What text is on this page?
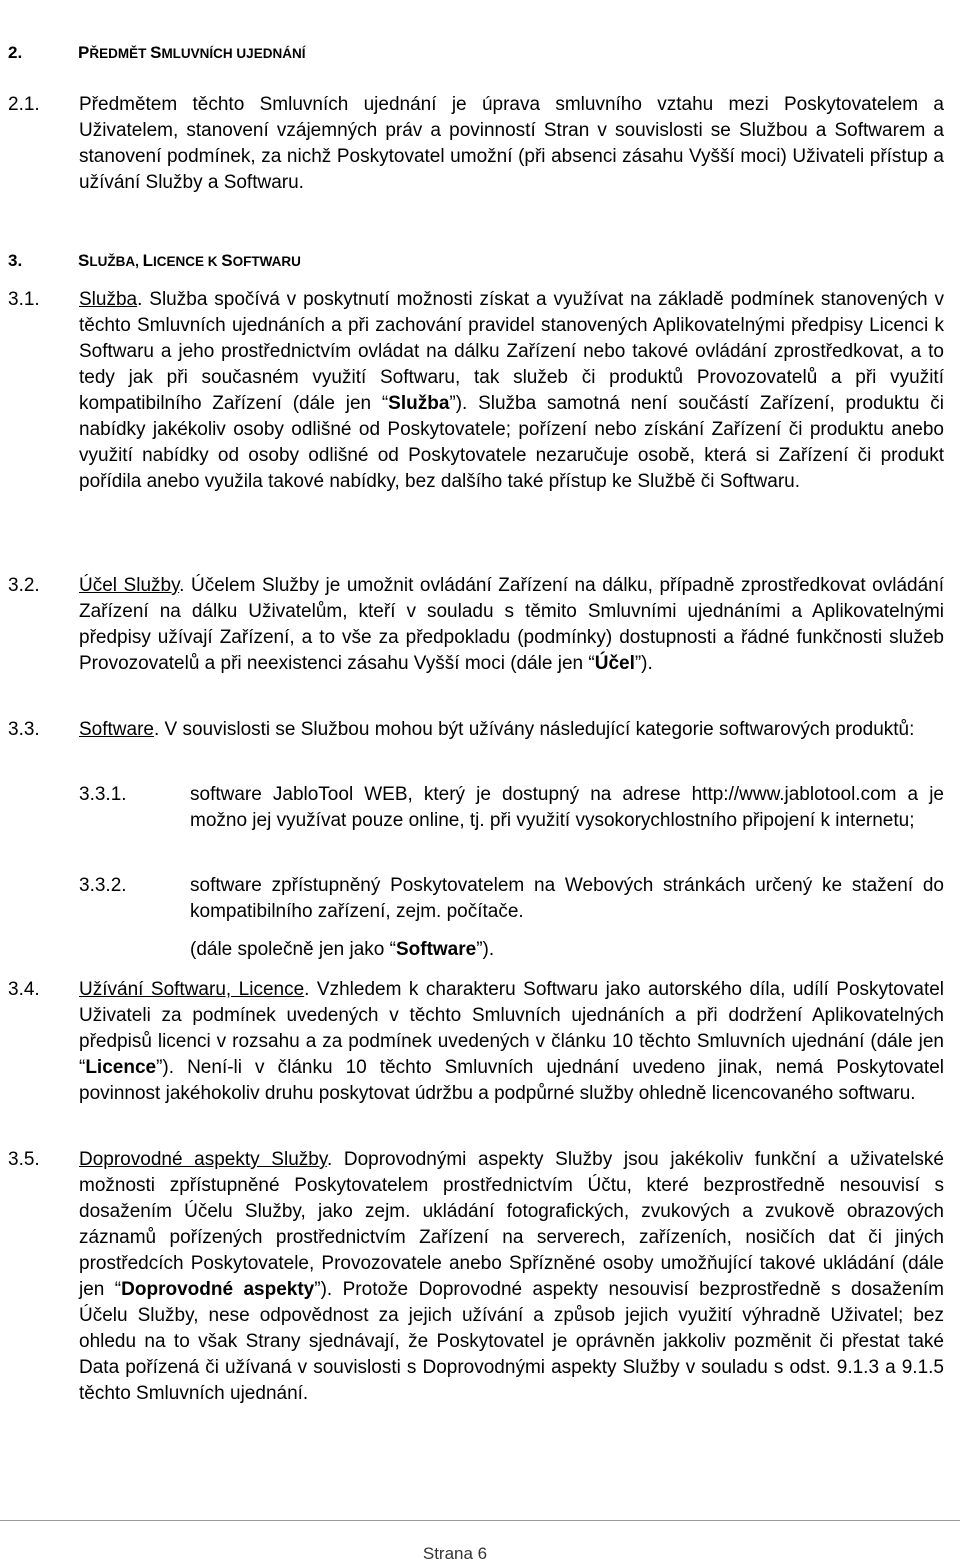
2.	PŘEDMĚT SMLUVNÍCH UJEDNÁNÍ
2.1. Předmětem těchto Smluvních ujednání je úprava smluvního vztahu mezi Poskytovatelem a Uživatelem, stanovení vzájemných práv a povinností Stran v souvislosti se Službou a Softwarem a stanovení podmínek, za nichž Poskytovatel umožní (při absenci zásahu Vyšší moci) Uživateli přístup a užívání Služby a Softwaru.

3.	SLUŽBA, LICENCE K SOFTWARU
3.1. Služba. Služba spočívá v poskytnutí možnosti získat a využívat na základě podmínek stanovených v těchto Smluvních ujednáních a při zachování pravidel stanovených Aplikovatelnými předpisy Licenci k Softwaru a jeho prostřednictvím ovládat na dálku Zařízení nebo takové ovládání zprostředkovat, a to tedy jak při současném využití Softwaru, tak služeb či produktů Provozovatelů a při využití kompatibilního Zařízení (dále jen “Služba”). Služba samotná není součástí Zařízení, produktu či nabídky jakékoliv osoby odlišné od Poskytovatele; pořízení nebo získání Zařízení či produktu anebo využití nabídky od osoby odlišné od Poskytovatele nezaručuje osobě, která si Zařízení či produkt pořídila anebo využila takové nabídky, bez dalšího také přístup ke Službě či Softwaru.

3.2. Účel Služby. Účelem Služby je umožnit ovládání Zařízení na dálku, případně zprostředkovat ovládání Zařízení na dálku Uživatelům, kteří v souladu s těmito Smluvními ujednáními a Aplikovatelnými předpisy užívají Zařízení, a to vše za předpokladu (podmínky) dostupnosti a řádné funkčnosti služeb Provozovatelů a při neexistenci zásahu Vyšší moci (dále jen “Účel”).

3.3. Software. V souvislosti se Službou mohou být užívány následující kategorie softwarových produktů:

3.3.1.	software JabloTool WEB, který je dostupný na adrese http://www.jablotool.com a je možno jej využívat pouze online, tj. při využití vysokorychlostního připojení k internetu;
3.3.2.	software zpřístupněný Poskytovatelem na Webových stránkách určený ke stažení do kompatibilního zařízení, zejm. počítače.
(dále společně jen jako “Software”).
3.4. Užívání Softwaru, Licence. Vzhledem k charakteru Softwaru jako autorského díla, udílí Poskytovatel Uživateli za podmínek uvedených v těchto Smluvních ujednáních a při dodržení Aplikovatelných předpisů licenci v rozsahu a za podmínek uvedených v článku 10 těchto Smluvních ujednání (dále jen “Licence”). Není-li v článku 10 těchto Smluvních ujednání uvedeno jinak, nemá Poskytovatel povinnost jakéhokoliv druhu poskytovat údržbu a podpůrné služby ohledně licencovaného softwaru.

3.5. Doprovodné aspekty Služby. Doprovodnými aspekty Služby jsou jakékoliv funkční a uživatelské možnosti zpřístupněné Poskytovatelem prostřednictvím Účtu, které bezprostředně nesouvisí s dosažením Účelu Služby, jako zejm. ukládání fotografických, zvukových a zvukově obrazových záznamů pořízených prostřednictvím Zařízení na serverech, zařízeních, nosičích dat či jiných prostředcích Poskytovatele, Provozovatele anebo Spřízněné osoby umožňující takové ukládání (dále jen “Doprovodné aspekty”). Protože Doprovodné aspekty nesouvisí bezprostředně s dosažením Účelu Služby, nese odpovědnost za jejich užívání a způsob jejich využití výhradně Uživatel; bez ohledu na to však Strany sjednávají, že Poskytovatel je oprávněn jakkoliv pozměnit či přestat také Data pořízená či užívaná v souvislosti s Doprovodnými aspekty Služby v souladu s odst. 9.1.3 a 9.1.5 těchto Smluvních ujednání.

Strana 6
